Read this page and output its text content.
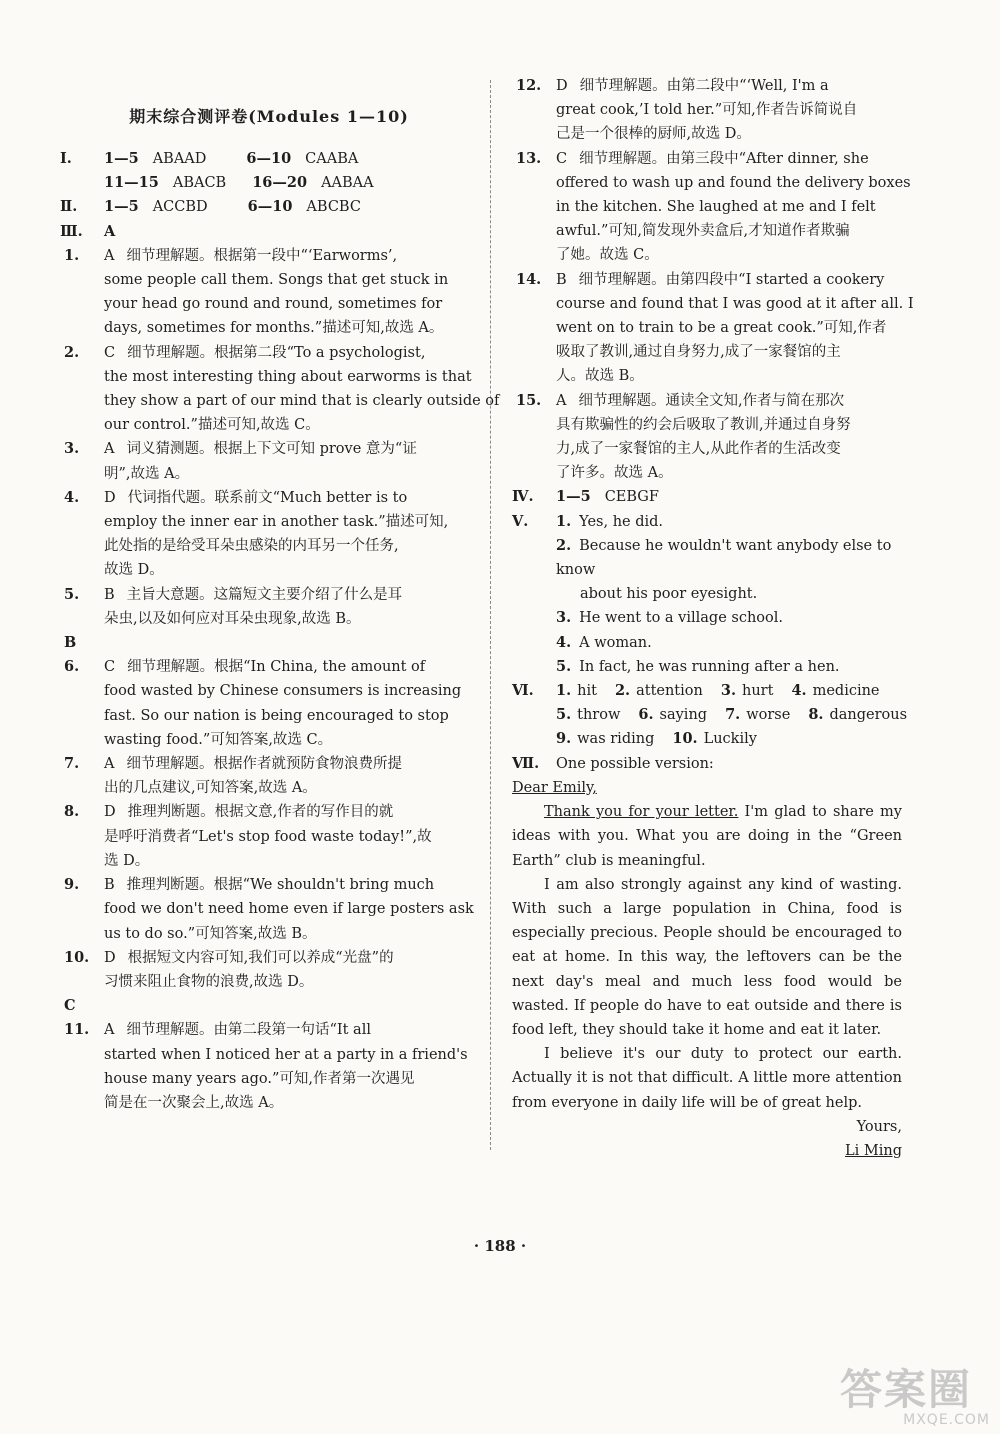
期末综合测评卷(Modules 1—10)
Ⅰ. 1—5 ABAAD	6—10 CAABA
11—15 ABACB 16—20 AABAA
Ⅱ. 1—5 ACCBD	6—10 ABCBC
Ⅲ. A
1.	A 细节理解题。根据第一段中“‘Earworms’,
some people call them. Songs that get stuck in
your head go round and round, sometimes for
days, sometimes for months.”描述可知,故选 A。
2.	C 细节理解题。根据第二段“To a psychologist,
the most interesting thing about earworms is that
they show a part of our mind that is clearly outside of
our control.”描述可知,故选 C。
3.	A 词义猜测题。根据上下文可知 prove 意为“证
明”,故选 A。
4.	D 代词指代题。联系前文“Much better is to
employ the inner ear in another task.”描述可知,
此处指的是给受耳朵虫感染的内耳另一个任务,
故选 D。
5.	B 主旨大意题。这篇短文主要介绍了什么是耳
朵虫,以及如何应对耳朵虫现象,故选 B。
B
6.	C 细节理解题。根据“In China, the amount of
food wasted by Chinese consumers is increasing
fast. So our nation is being encouraged to stop
wasting food.”可知答案,故选 C。
7.	A 细节理解题。根据作者就预防食物浪费所提
出的几点建议,可知答案,故选 A。
8.	D 推理判断题。根据文意,作者的写作目的就
是呼吁消费者“Let's stop food waste today!”,故
选 D。
9.	B 推理判断题。根据“We shouldn't bring much
food we don't need home even if large posters ask
us to do so.”可知答案,故选 B。
10.	D 根据短文内容可知,我们可以养成“光盘”的
习惯来阻止食物的浪费,故选 D。
C
11.	A 细节理解题。由第二段第一句话“It all
started when I noticed her at a party in a friend's
house many years ago.”可知,作者第一次遇见
简是在一次聚会上,故选 A。
12.	D 细节理解题。由第二段中“‘Well, I'm a
great cook,’I told her.”可知,作者告诉简说自
己是一个很棒的厨师,故选 D。
13.	C 细节理解题。由第三段中“After dinner, she
offered to wash up and found the delivery boxes
in the kitchen. She laughed at me and I felt
awful.”可知,简发现外卖盒后,才知道作者欺骗
了她。故选 C。
14.	B 细节理解题。由第四段中“I started a cookery
course and found that I was good at it after all. I
went on to train to be a great cook.”可知,作者
吸取了教训,通过自身努力,成了一家餐馆的主
人。故选 B。
15.	A 细节理解题。通读全文知,作者与简在那次
具有欺骗性的约会后吸取了教训,并通过自身努
力,成了一家餐馆的主人,从此作者的生活改变
了许多。故选 A。
Ⅳ. 1—5 CEBGF
Ⅴ.	1. Yes, he did.
2. Because he wouldn't want anybody else to know
about his poor eyesight.
3. He went to a village school.
4. A woman.
5. In fact, he was running after a hen.
Ⅵ.	1. hit 2. attention 3. hurt 4. medicine
5. throw 6. saying 7. worse 8. dangerous
9. was riding 10. Luckily
Ⅶ. One possible version:

Dear Emily,

Thank you for your letter. I'm glad to share my ideas with you. What you are doing in the “Green Earth” club is meaningful.

I am also strongly against any kind of wasting. With such a large population in China, food is especially precious. People should be encouraged to eat at home. In this way, the leftovers can be the next day's meal and much less food would be wasted. If people do have to eat outside and there is food left, they should take it home and eat it later.

I believe it's our duty to protect our earth. Actually it is not that difficult. A little more attention from everyone in daily life will be of great help.

Yours,

Li Ming

· 188 ·
答案圈
MXQE.COM
